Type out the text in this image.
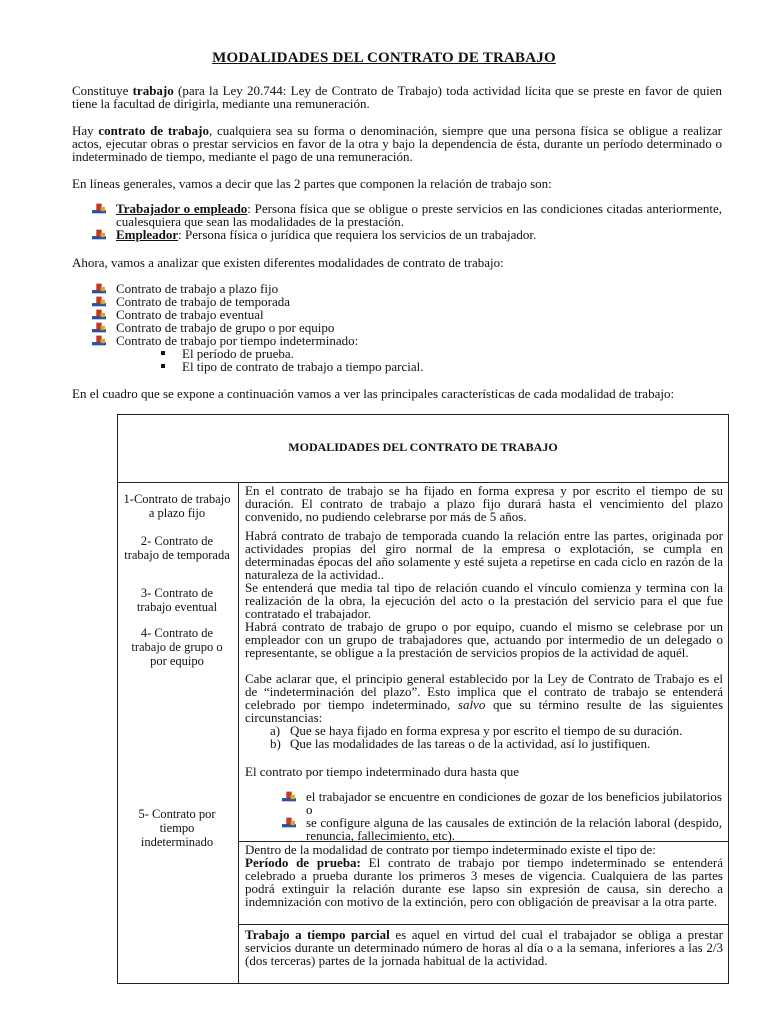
MODALIDADES DEL CONTRATO DE TRABAJO
Constituye trabajo (para la Ley 20.744: Ley de Contrato de Trabajo) toda actividad lícita que se preste en favor de quien tiene la facultad de dirigirla, mediante una remuneración.
Hay contrato de trabajo, cualquiera sea su forma o denominación, siempre que una persona física se obligue a realizar actos, ejecutar obras o prestar servicios en favor de la otra y bajo la dependencia de ésta, durante un período determinado o indeterminado de tiempo, mediante el pago de una remuneración.
En líneas generales, vamos a decir que las 2 partes que componen la relación de trabajo son:
Trabajador o empleado: Persona física que se obligue o preste servicios en las condiciones citadas anteriormente, cualesquiera que sean las modalidades de la prestación.
Empleador: Persona física o jurídica que requiera los servicios de un trabajador.
Ahora, vamos a analizar que existen diferentes modalidades de contrato de trabajo:
Contrato de trabajo a plazo fijo
Contrato de trabajo de temporada
Contrato de trabajo eventual
Contrato de trabajo de grupo o por equipo
Contrato de trabajo por tiempo indeterminado:
El período de prueba.
El tipo de contrato de trabajo a tiempo parcial.
En el cuadro que se expone a continuación vamos a ver las principales características de cada modalidad de trabajo:
MODALIDADES DEL CONTRATO DE TRABAJO
1-Contrato de trabajo a plazo fijo
2- Contrato de trabajo de temporada
3- Contrato de trabajo eventual
4- Contrato de trabajo de grupo o por equipo
5- Contrato por tiempo indeterminado
En el contrato de trabajo se ha fijado en forma expresa y por escrito el tiempo de su duración. El contrato de trabajo a plazo fijo durará hasta el vencimiento del plazo convenido, no pudiendo celebrarse por más de 5 años.
Habrá contrato de trabajo de temporada cuando la relación entre las partes, originada por actividades propias del giro normal de la empresa o explotación, se cumpla en determinadas épocas del año solamente y esté sujeta a repetirse en cada ciclo en razón de la naturaleza de la actividad..
Se entenderá que media tal tipo de relación cuando el vínculo comienza y termina con la realización de la obra, la ejecución del acto o la prestación del servicio para el que fue contratado el trabajador.
Habrá contrato de trabajo de grupo o por equipo, cuando el mismo se celebrase por un empleador con un grupo de trabajadores que, actuando por intermedio de un delegado o representante, se obligue a la prestación de servicios propios de la actividad de aquél.
Cabe aclarar que, el principio general establecido por la Ley de Contrato de Trabajo es el de “indeterminación del plazo”. Esto implica que el contrato de trabajo se entenderá celebrado por tiempo indeterminado, salvo que su término resulte de las siguientes circunstancias:
a) Que se haya fijado en forma expresa y por escrito el tiempo de su duración.
b) Que las modalidades de las tareas o de la actividad, así lo justifiquen.
El contrato por tiempo indeterminado dura hasta que
el trabajador se encuentre en condiciones de gozar de los beneficios jubilatorios o
se configure alguna de las causales de extinción de la relación laboral (despido, renuncia, fallecimiento, etc).
Dentro de la modalidad de contrato por tiempo indeterminado existe el tipo de:
Período de prueba: El contrato de trabajo por tiempo indeterminado se entenderá celebrado a prueba durante los primeros 3 meses de vigencia. Cualquiera de las partes podrá extinguir la relación durante ese lapso sin expresión de causa, sin derecho a indemnización con motivo de la extinción, pero con obligación de preavisar a la otra parte.
Trabajo a tiempo parcial es aquel en virtud del cual el trabajador se obliga a prestar servicios durante un determinado número de horas al día o a la semana, inferiores a las 2/3 (dos terceras) partes de la jornada habitual de la actividad.
